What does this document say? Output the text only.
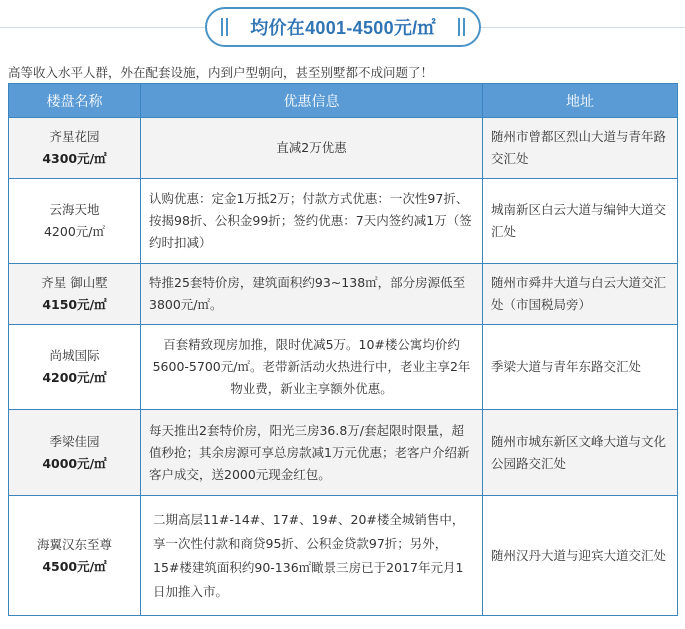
均价在4001-4500元/㎡
高等收入水平人群，外在配套设施，内到户型朝向，甚至别墅都不成问题了！
楼盘名称	优惠信息	地址

齐星花园
4300元/㎡	直减2万优惠	随州市曾都区烈山大道与青年路交汇处

云海天地
4200元/㎡	认购优惠：定金1万抵2万；付款方式优惠：一次性97折、按揭98折、公积金99折；签约优惠：7天内签约减1万（签约时扣减）	城南新区白云大道与编钟大道交汇处

齐星 御山墅
4150元/㎡	特推25套特价房，建筑面积约93~138㎡，部分房源低至3800元/㎡。	随州市舜井大道与白云大道交汇处（市国税局旁）

尚城国际
4200元/㎡	百套精致现房加推，限时优减5万。10#楼公寓均价约5600-5700元/㎡。老带新活动火热进行中，老业主享2年物业费，新业主享额外优惠。	季梁大道与青年东路交汇处

季梁佳园
4000元/㎡	每天推出2套特价房，阳光三房36.8万/套起限时限量，超值秒抢；其余房源可享总房款减1万元优惠；老客户介绍新客户成交，送2000元现金红包。	随州市城东新区文峰大道与文化公园路交汇处

海翼汉东至尊
4500元/㎡	二期高层11#-14#、17#、19#、20#楼全城销售中，享一次性付款和商贷95折、公积金贷款97折；另外，15#楼建筑面积约90-136㎡瞰景三房已于2017年元月1日加推入市。	随州汉丹大道与迎宾大道交汇处
